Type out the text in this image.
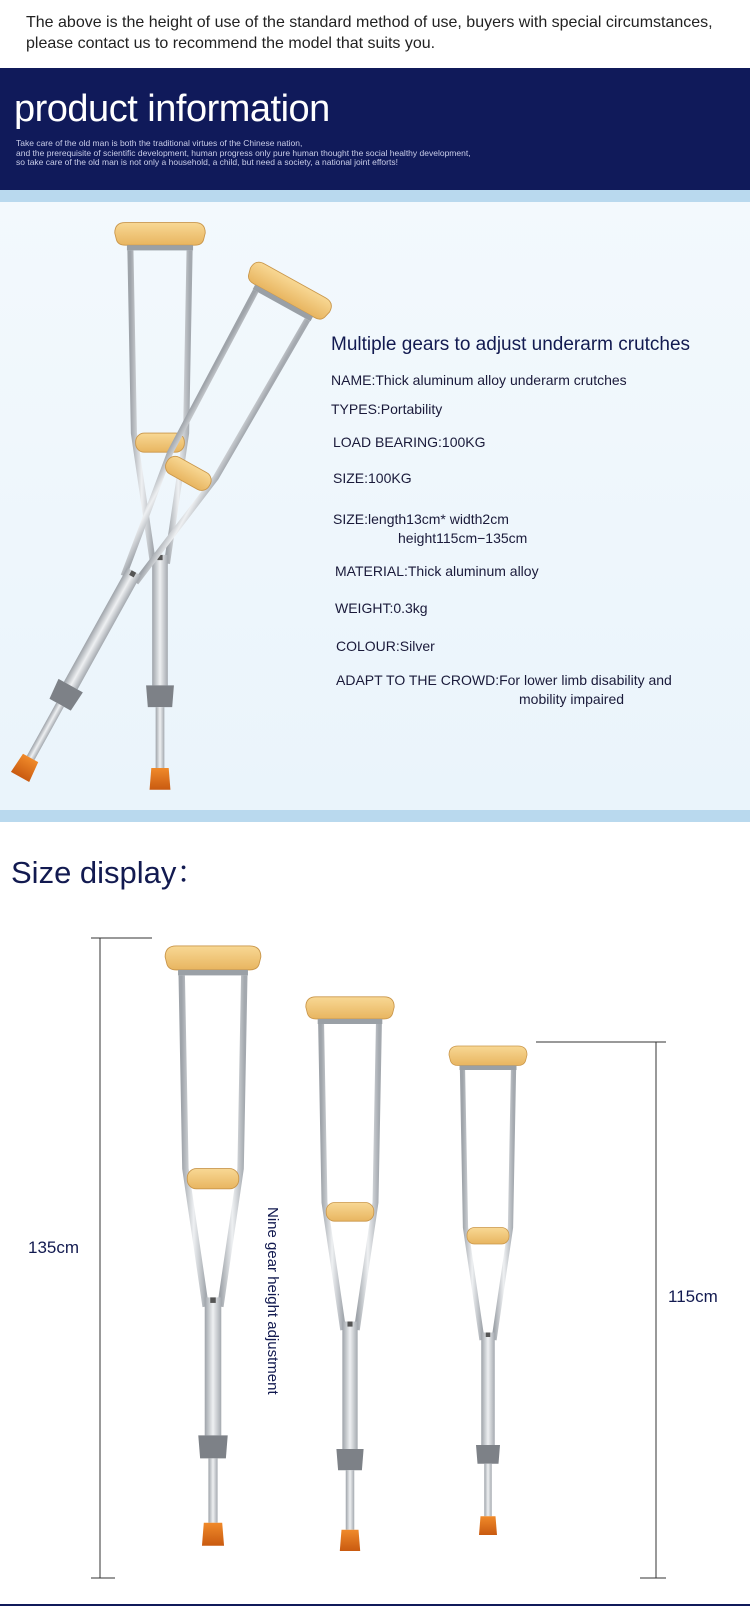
The above is the height of use of the standard method of use, buyers with special circumstances,
please contact us to recommend the model that suits you.
product information
Take care of the old man is both the traditional virtues of the Chinese nation,
and the prerequisite of scientific development, human progress only pure human thought the social healthy development,
so take care of the old man is not only a household, a child, but need a society, a national joint efforts!
Multiple gears to adjust underarm crutches
NAME:Thick aluminum alloy underarm crutches
TYPES:Portability
LOAD BEARING:100KG
SIZE:100KG
SIZE:length13cm* width2cm
height115cm−135cm
MATERIAL:Thick aluminum alloy
WEIGHT:0.3kg
COLOUR:Silver
ADAPT TO THE CROWD:For lower limb disability and
mobility impaired
Size display：
135cm
115cm
Nine gear height adjustment
